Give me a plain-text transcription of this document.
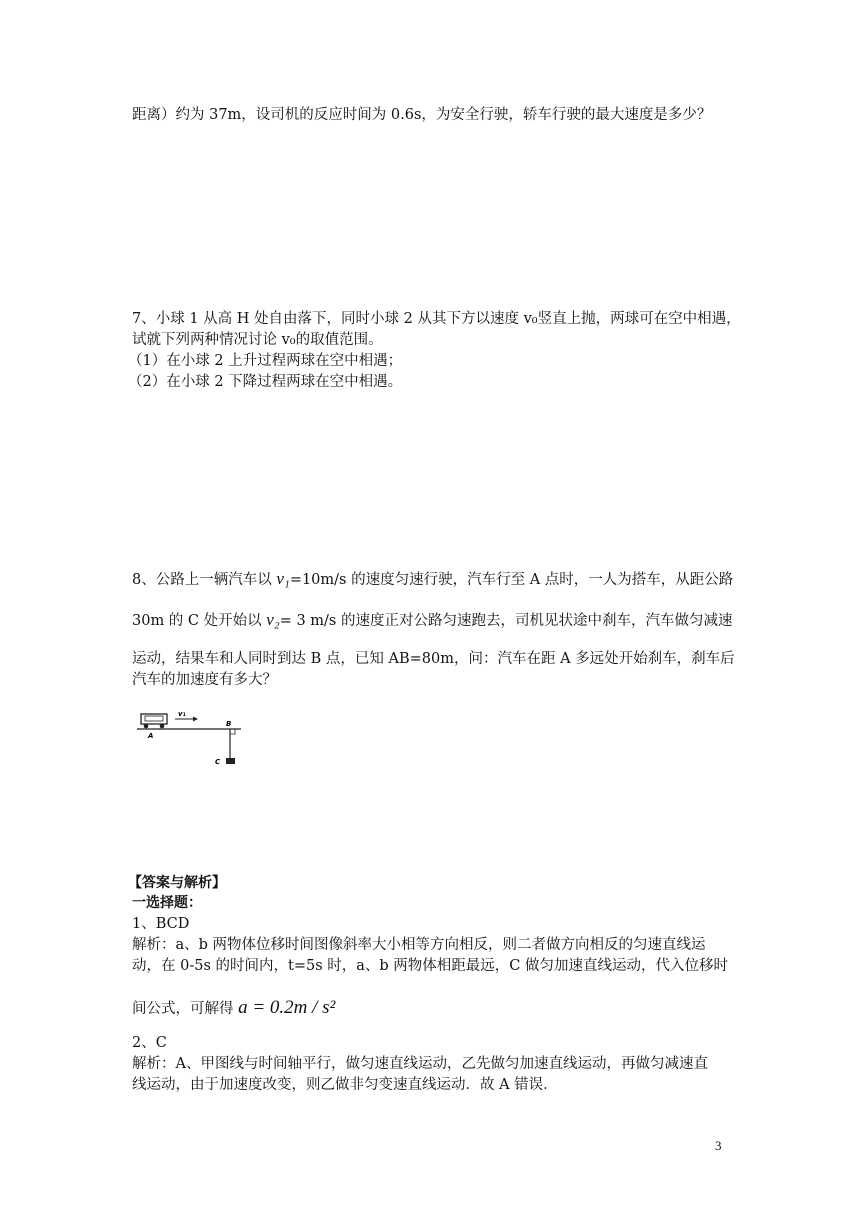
距离）约为 37m，设司机的反应时间为 0.6s，为安全行驶，轿车行驶的最大速度是多少？

7、小球 1 从高 H 处自由落下，同时小球 2 从其下方以速度 v₀竖直上抛，两球可在空中相遇，

试就下列两种情况讨论 v₀的取值范围。

（1）在小球 2 上升过程两球在空中相遇；

（2）在小球 2 下降过程两球在空中相遇。

8、公路上一辆汽车以 v₁=10m/s 的速度匀速行驶，汽车行至 A 点时，一人为搭车，从距公路

30m 的 C 处开始以 v₂= 3 m/s 的速度正对公路匀速跑去，司机见状途中刹车，汽车做匀减速

运动，结果车和人同时到达 B 点，已知 AB=80m，问：汽车在距 A 多远处开始刹车，刹车后

汽车的加速度有多大？

v₁
A
B
C

【答案与解析】

一选择题：

1、BCD

解析：a、b 两物体位移时间图像斜率大小相等方向相反，则二者做方向相反的匀速直线运

动，在 0-5s 的时间内，t=5s 时，a、b 两物体相距最远，C 做匀加速直线运动，代入位移时

间公式，可解得 a = 0.2m / s²

2、C

解析：A、甲图线与时间轴平行，做匀速直线运动，乙先做匀加速直线运动，再做匀减速直

线运动，由于加速度改变，则乙做非匀变速直线运动．故 A 错误．

3
